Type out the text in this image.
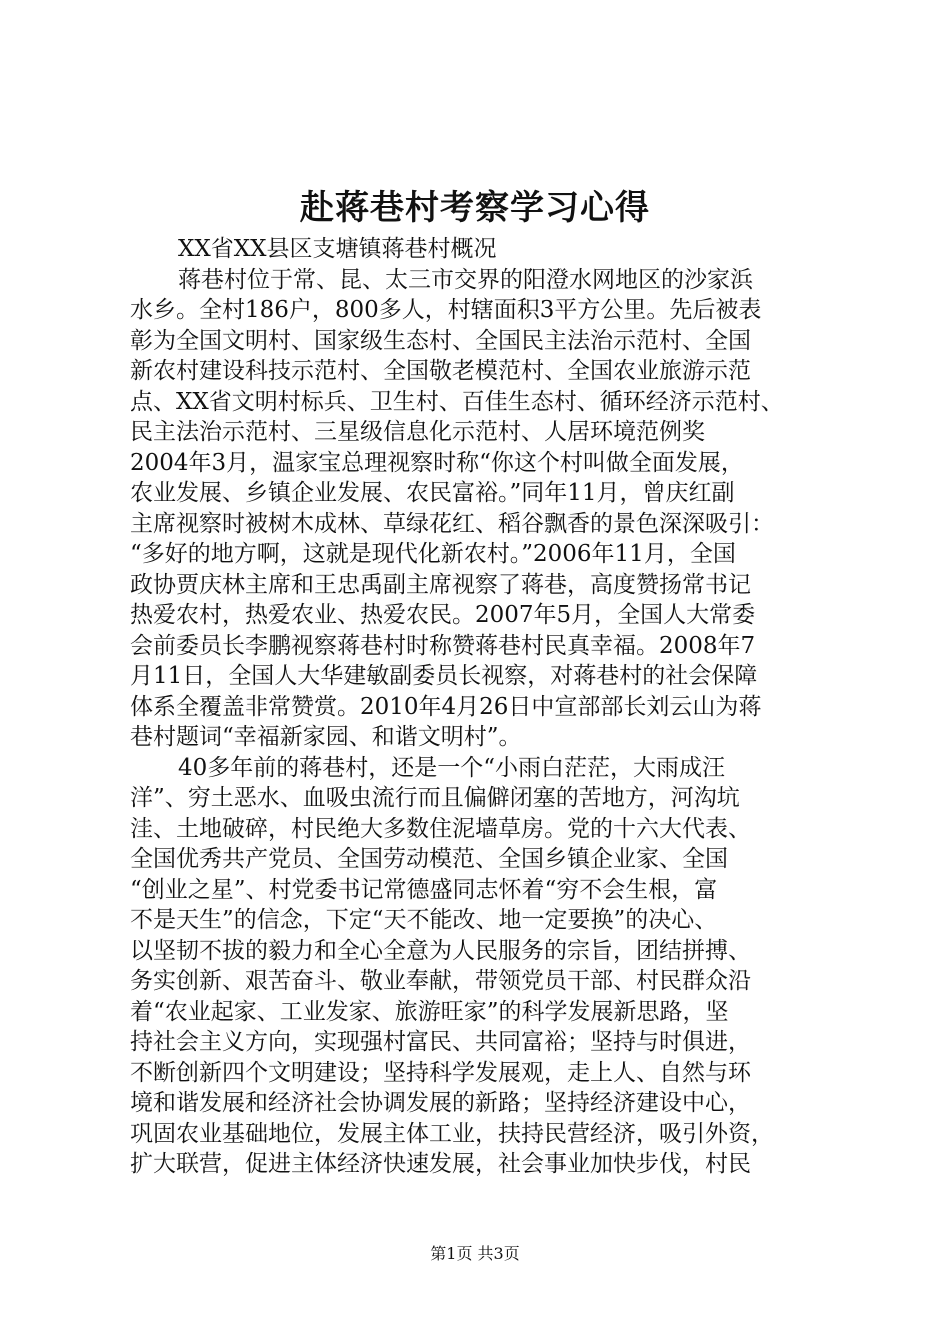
赴蒋巷村考察学习心得
XX省XX县区支塘镇蒋巷村概况
蒋巷村位于常、昆、太三市交界的阳澄水网地区的沙家浜
水乡。全村186户，800多人，村辖面积3平方公里。先后被表
彰为全国文明村、国家级生态村、全国民主法治示范村、全国
新农村建设科技示范村、全国敬老模范村、全国农业旅游示范
点、XX省文明村标兵、卫生村、百佳生态村、循环经济示范村、
民主法治示范村、三星级信息化示范村、人居环境范例奖
2004年3月，温家宝总理视察时称“你这个村叫做全面发展，
农业发展、乡镇企业发展、农民富裕。”同年11月，曾庆红副
主席视察时被树木成林、草绿花红、稻谷飘香的景色深深吸引：
“多好的地方啊，这就是现代化新农村。”2006年11月，全国
政协贾庆林主席和王忠禹副主席视察了蒋巷，高度赞扬常书记
热爱农村，热爱农业、热爱农民。2007年5月，全国人大常委
会前委员长李鹏视察蒋巷村时称赞蒋巷村民真幸福。2008年7
月11日，全国人大华建敏副委员长视察，对蒋巷村的社会保障
体系全覆盖非常赞赏。2010年4月26日中宣部部长刘云山为蒋
巷村题词“幸福新家园、和谐文明村”。
40多年前的蒋巷村，还是一个“小雨白茫茫，大雨成汪
洋”、穷土恶水、血吸虫流行而且偏僻闭塞的苦地方，河沟坑
洼、土地破碎，村民绝大多数住泥墙草房。党的十六大代表、
全国优秀共产党员、全国劳动模范、全国乡镇企业家、全国
“创业之星”、村党委书记常德盛同志怀着“穷不会生根，富
不是天生”的信念，下定“天不能改、地一定要换”的决心、
以坚韧不拔的毅力和全心全意为人民服务的宗旨，团结拼搏、
务实创新、艰苦奋斗、敬业奉献，带领党员干部、村民群众沿
着“农业起家、工业发家、旅游旺家”的科学发展新思路，坚
持社会主义方向，实现强村富民、共同富裕；坚持与时俱进，
不断创新四个文明建设；坚持科学发展观，走上人、自然与环
境和谐发展和经济社会协调发展的新路；坚持经济建设中心，
巩固农业基础地位，发展主体工业，扶持民营经济，吸引外资，
扩大联营，促进主体经济快速发展，社会事业加快步伐，村民
第1页 共3页
